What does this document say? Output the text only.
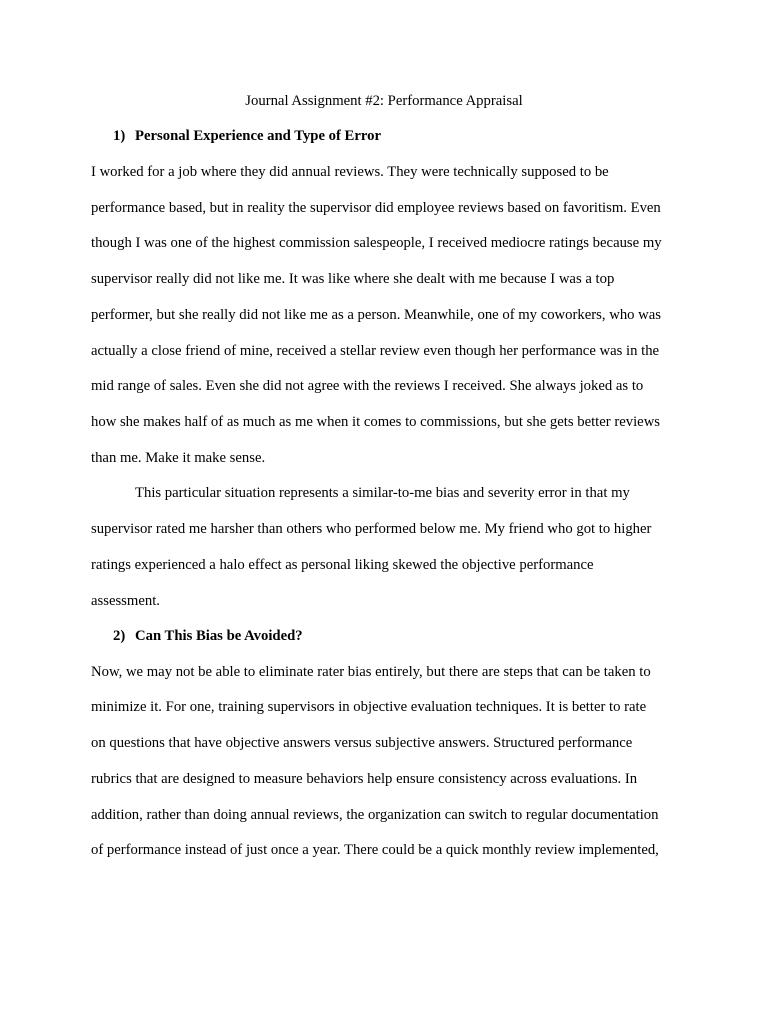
Journal Assignment #2: Performance Appraisal
1) Personal Experience and Type of Error
I worked for a job where they did annual reviews. They were technically supposed to be
performance based, but in reality the supervisor did employee reviews based on favoritism. Even
though I was one of the highest commission salespeople, I received mediocre ratings because my
supervisor really did not like me. It was like where she dealt with me because I was a top
performer, but she really did not like me as a person. Meanwhile, one of my coworkers, who was
actually a close friend of mine, received a stellar review even though her performance was in the
mid range of sales. Even she did not agree with the reviews I received. She always joked as to
how she makes half of as much as me when it comes to commissions, but she gets better reviews
than me. Make it make sense.
This particular situation represents a similar-to-me bias and severity error in that my
supervisor rated me harsher than others who performed below me. My friend who got to higher
ratings experienced a halo effect as personal liking skewed the objective performance
assessment.
2) Can This Bias be Avoided?
Now, we may not be able to eliminate rater bias entirely, but there are steps that can be taken to
minimize it. For one, training supervisors in objective evaluation techniques. It is better to rate
on questions that have objective answers versus subjective answers. Structured performance
rubrics that are designed to measure behaviors help ensure consistency across evaluations. In
addition, rather than doing annual reviews, the organization can switch to regular documentation
of performance instead of just once a year. There could be a quick monthly review implemented,
